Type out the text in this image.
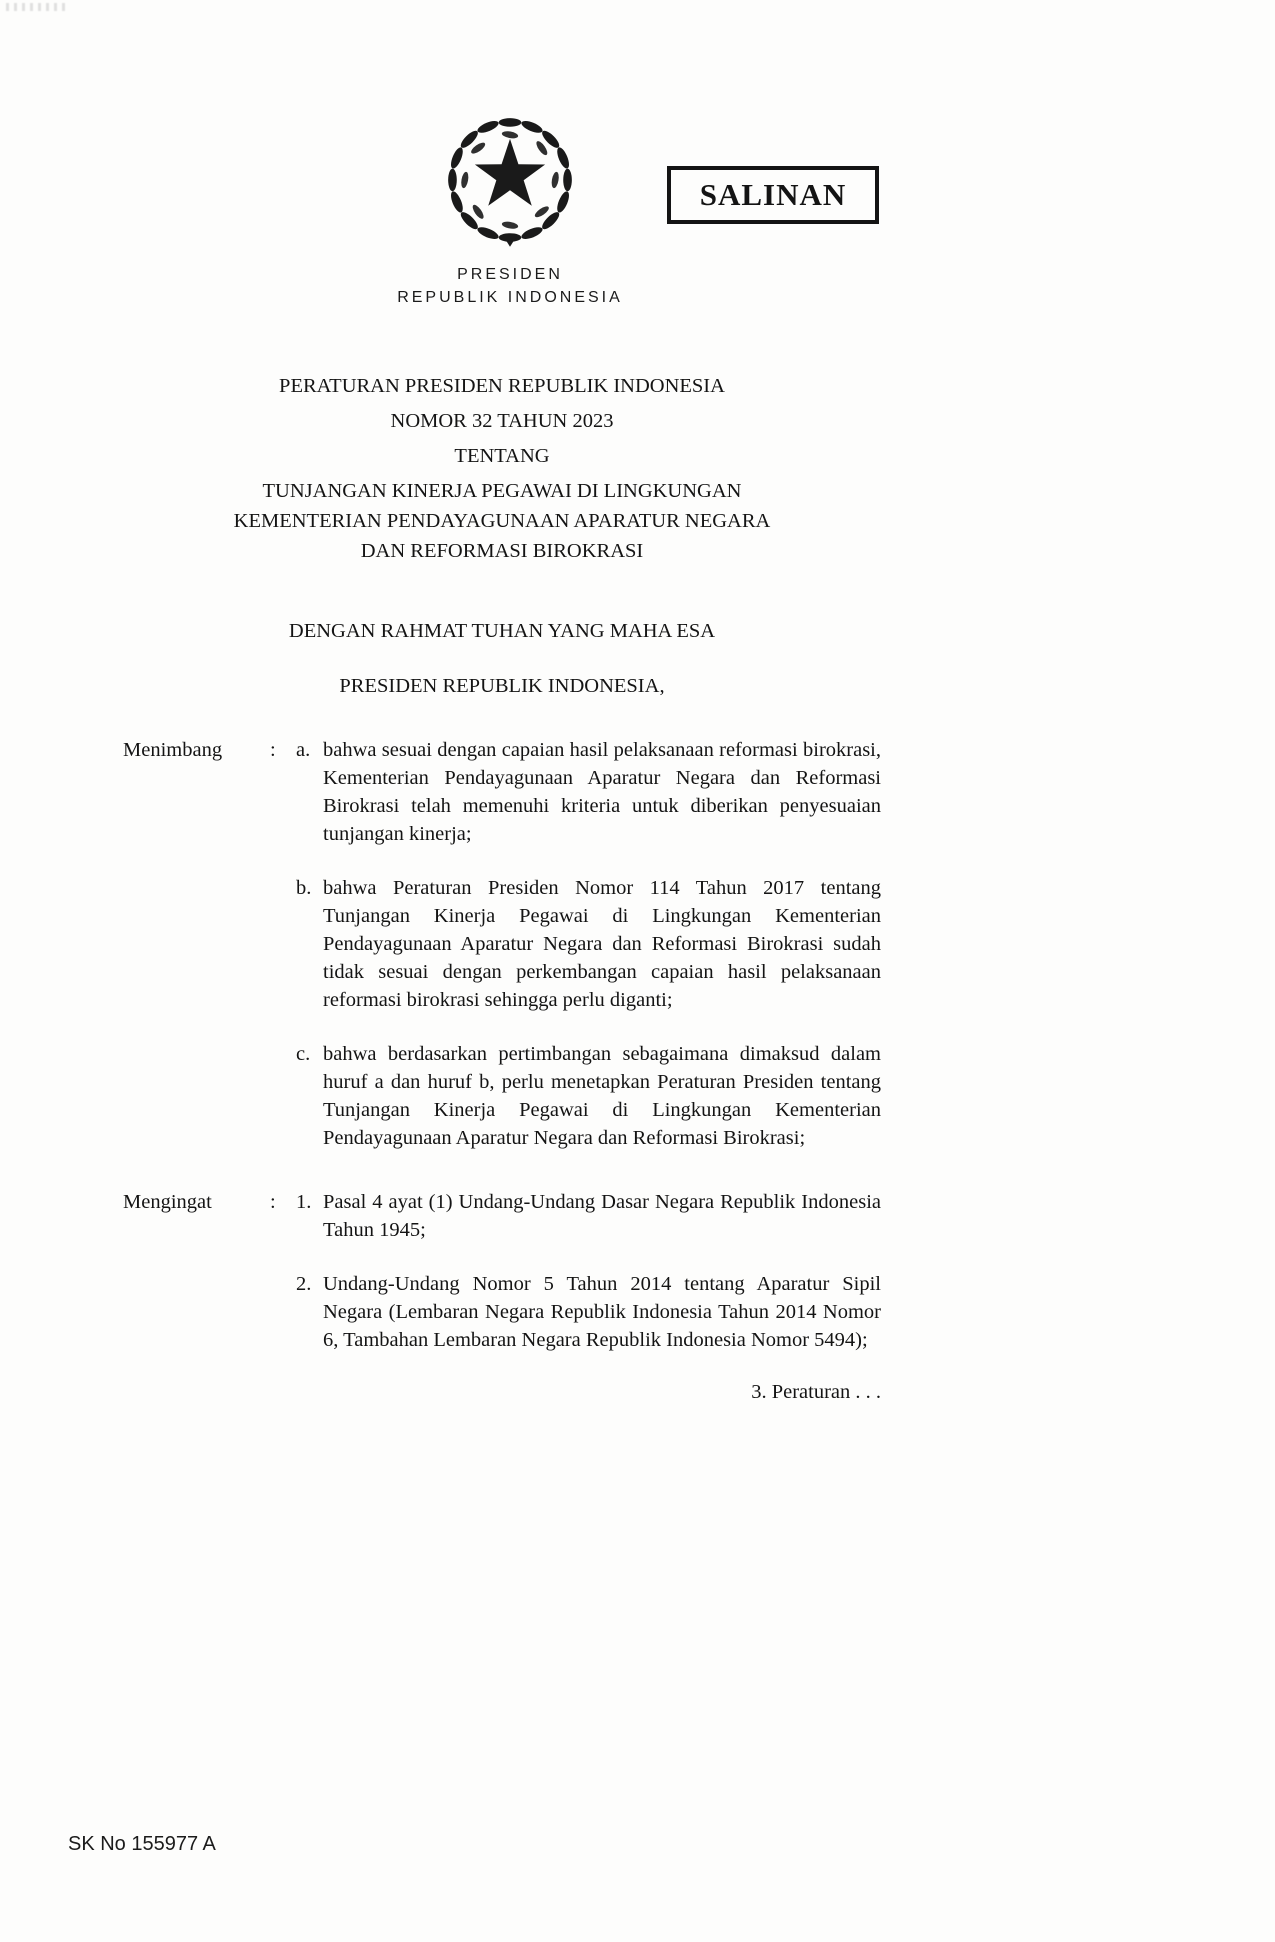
SALINAN
PRESIDEN
REPUBLIK INDONESIA
PERATURAN PRESIDEN REPUBLIK INDONESIA
NOMOR 32 TAHUN 2023
TENTANG
TUNJANGAN KINERJA PEGAWAI DI LINGKUNGAN
KEMENTERIAN PENDAYAGUNAAN APARATUR NEGARA
DAN REFORMASI BIROKRASI
DENGAN RAHMAT TUHAN YANG MAHA ESA
PRESIDEN REPUBLIK INDONESIA,
Menimbang	: a. bahwa sesuai dengan capaian hasil pelaksanaan reformasi birokrasi, Kementerian Pendayagunaan Aparatur Negara dan Reformasi Birokrasi telah memenuhi kriteria untuk diberikan penyesuaian tunjangan kinerja;
b. bahwa Peraturan Presiden Nomor 114 Tahun 2017 tentang Tunjangan Kinerja Pegawai di Lingkungan Kementerian Pendayagunaan Aparatur Negara dan Reformasi Birokrasi sudah tidak sesuai dengan perkembangan capaian hasil pelaksanaan reformasi birokrasi sehingga perlu diganti;
c. bahwa berdasarkan pertimbangan sebagaimana dimaksud dalam huruf a dan huruf b, perlu menetapkan Peraturan Presiden tentang Tunjangan Kinerja Pegawai di Lingkungan Kementerian Pendayagunaan Aparatur Negara dan Reformasi Birokrasi;
Mengingat	: 1. Pasal 4 ayat (1) Undang-Undang Dasar Negara Republik Indonesia Tahun 1945;
2. Undang-Undang Nomor 5 Tahun 2014 tentang Aparatur Sipil Negara (Lembaran Negara Republik Indonesia Tahun 2014 Nomor 6, Tambahan Lembaran Negara Republik Indonesia Nomor 5494);
3. Peraturan . . .
SK No 155977 A
